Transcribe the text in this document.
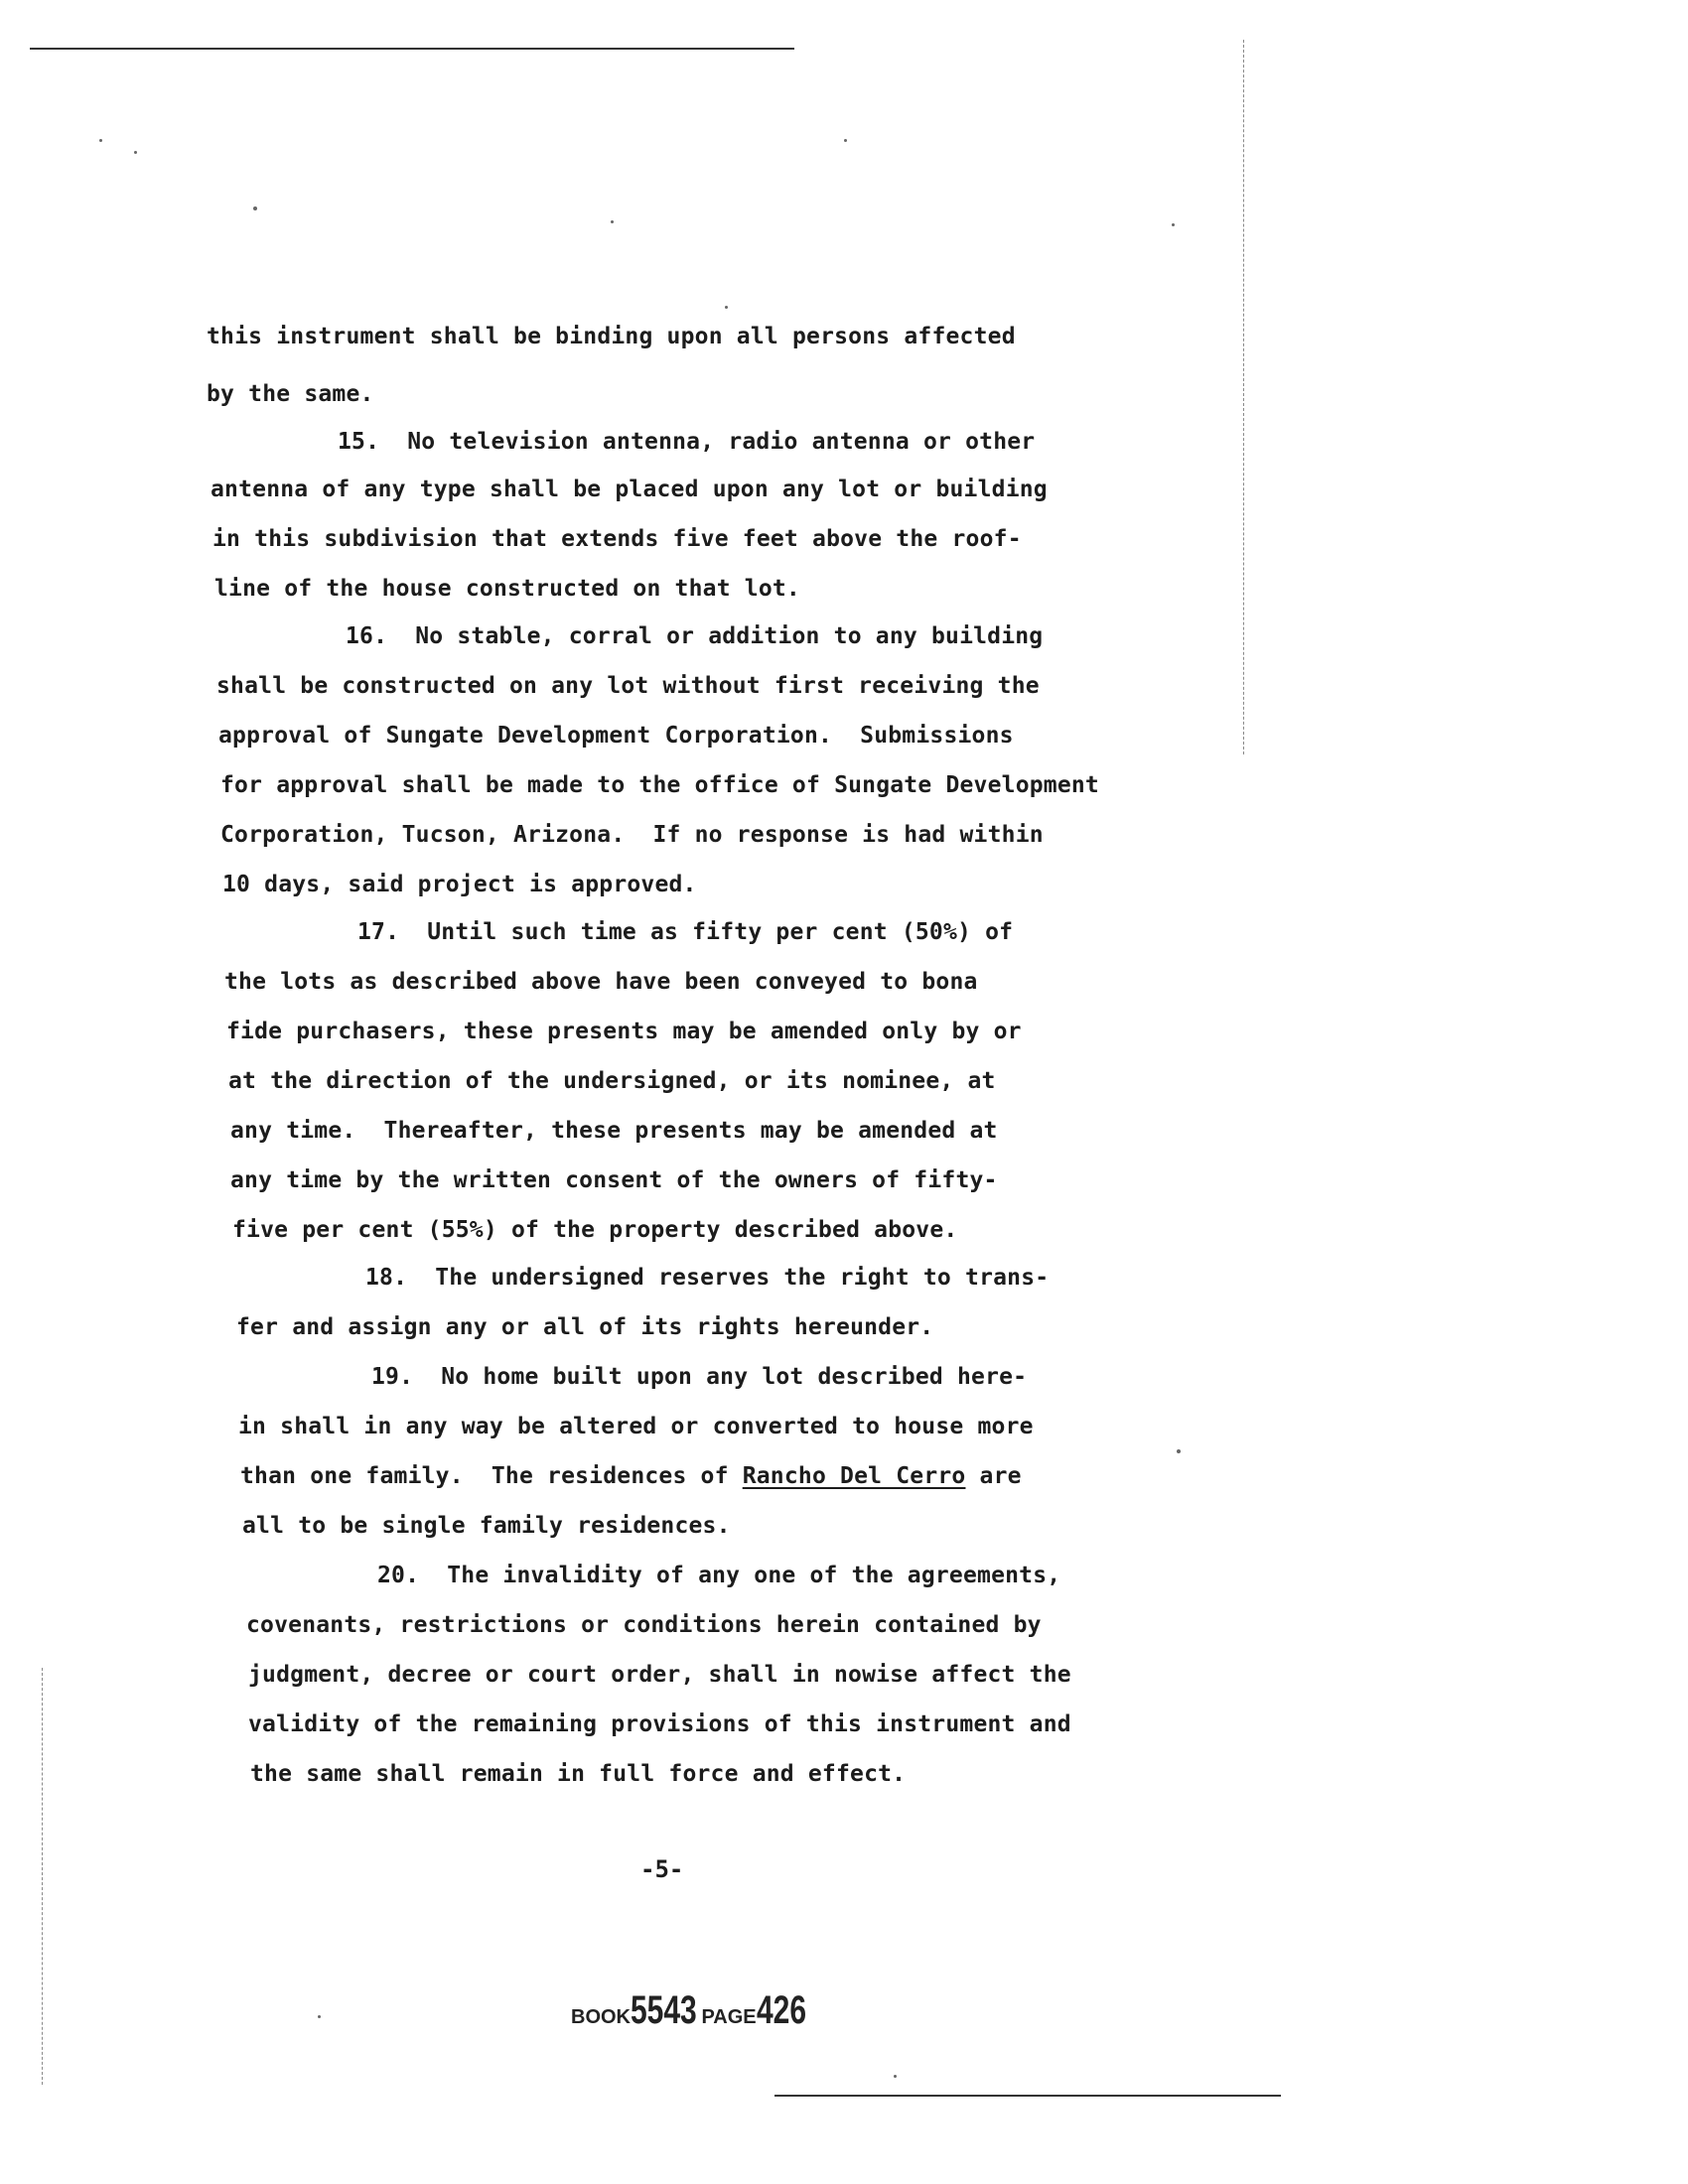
this instrument shall be binding upon all persons affected
by the same.
15.  No television antenna, radio antenna or other
antenna of any type shall be placed upon any lot or building
in this subdivision that extends five feet above the roof-
line of the house constructed on that lot.
16.  No stable, corral or addition to any building
shall be constructed on any lot without first receiving the
approval of Sungate Development Corporation.  Submissions
for approval shall be made to the office of Sungate Development
Corporation, Tucson, Arizona.  If no response is had within
10 days, said project is approved.
17.  Until such time as fifty per cent (50%) of
the lots as described above have been conveyed to bona
fide purchasers, these presents may be amended only by or
at the direction of the undersigned, or its nominee, at
any time.  Thereafter, these presents may be amended at
any time by the written consent of the owners of fifty-
five per cent (55%) of the property described above.
18.  The undersigned reserves the right to trans-
fer and assign any or all of its rights hereunder.
19.  No home built upon any lot described here-
in shall in any way be altered or converted to house more
than one family.  The residences of Rancho Del Cerro are
all to be single family residences.
20.  The invalidity of any one of the agreements,
covenants, restrictions or conditions herein contained by
judgment, decree or court order, shall in nowise affect the
validity of the remaining provisions of this instrument and
the same shall remain in full force and effect.
-5-
BOOK5543 PAGE426
